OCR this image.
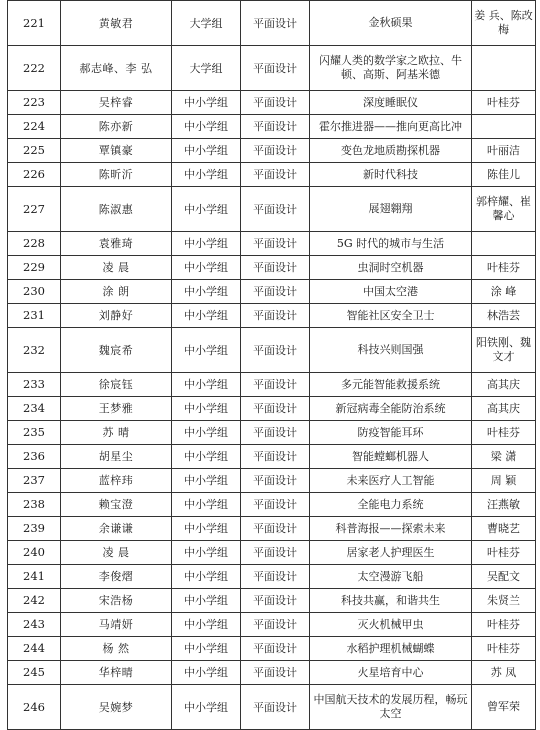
221	黄敏君	大学组	平面设计	金秋硕果	姜 兵、陈改梅
222	郝志峰、李 弘	大学组	平面设计	闪耀人类的数学家之欧拉、牛顿、高斯、阿基米德	
223	吴梓睿	中小学组	平面设计	深度睡眠仪	叶桂芬
224	陈亦新	中小学组	平面设计	霍尔推进器——推向更高比冲	
225	覃镇豪	中小学组	平面设计	变色龙地质勘探机器	叶丽洁
226	陈昕沂	中小学组	平面设计	新时代科技	陈佳儿
227	陈淑惠	中小学组	平面设计	展翅翱翔	郭梓耀、崔馨心
228	袁雅琦	中小学组	平面设计	5G 时代的城市与生活	
229	凌 晨	中小学组	平面设计	虫洞时空机器	叶桂芬
230	涂 朗	中小学组	平面设计	中国太空港	涂 峰
231	刘静好	中小学组	平面设计	智能社区安全卫士	林浩芸
232	魏宸希	中小学组	平面设计	科技兴则国强	阳铁刚、魏文才
233	徐宸钰	中小学组	平面设计	多元能智能救援系统	高其庆
234	王梦雅	中小学组	平面设计	新冠病毒全能防治系统	高其庆
235	苏 晴	中小学组	平面设计	防疫智能耳环	叶桂芬
236	胡星尘	中小学组	平面设计	智能螳螂机器人	梁 潇
237	蓝梓玮	中小学组	平面设计	未来医疗人工智能	周 颖
238	赖宝澄	中小学组	平面设计	全能电力系统	汪燕敏
239	余谦谦	中小学组	平面设计	科普海报——探索未来	曹晓艺
240	凌 晨	中小学组	平面设计	居家老人护理医生	叶桂芬
241	李俊熠	中小学组	平面设计	太空漫游飞船	吴配文
242	宋浩杨	中小学组	平面设计	科技共赢，和谐共生	朱贤兰
243	马靖妍	中小学组	平面设计	灭火机械甲虫	叶桂芬
244	杨 然	中小学组	平面设计	水稻护理机械蝴蝶	叶桂芬
245	华梓晴	中小学组	平面设计	火星培育中心	苏 凤
246	吴婉梦	中小学组	平面设计	中国航天技术的发展历程，畅玩太空	曾军荣
